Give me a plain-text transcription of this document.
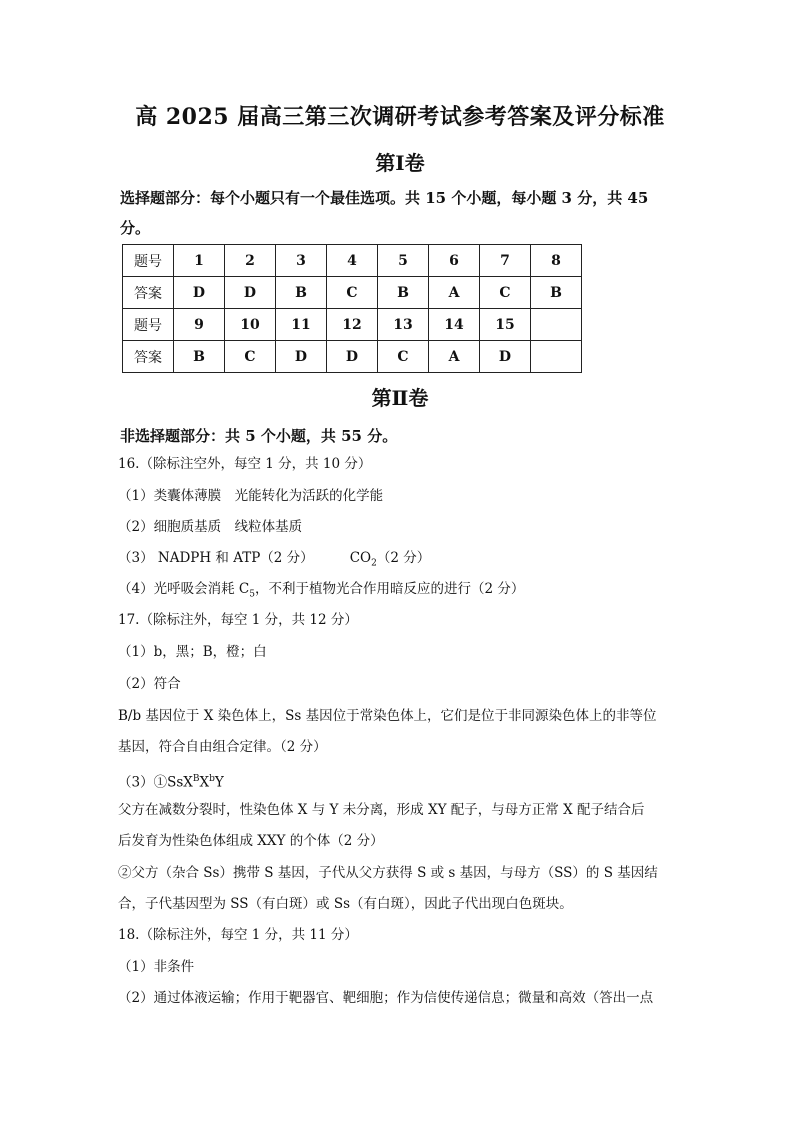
高 2025 届高三第三次调研考试参考答案及评分标准
第Ⅰ卷
选择题部分：每个小题只有一个最佳选项。共 15 个小题，每小题 3 分，共 45
分。
题号	1	2	3	4	5	6	7	8
答案	D	D	B	C	B	A	C	B
题号	9	10	11	12	13	14	15	
答案	B	C	D	D	C	A	D	
第Ⅱ卷
非选择题部分：共 5 个小题，共 55 分。
16.（除标注空外，每空 1 分，共 10 分）
（1）类囊体薄膜　光能转化为活跃的化学能
（2）细胞质基质　线粒体基质
（3） NADPH 和 ATP（2 分）	$CO_2(2$ 分）
（4）光呼吸会消耗 $C_5$，不利于植物光合作用暗反应的进行（2 分）
17.（除标注外，每空 1 分，共 12 分）
（1）b，黑；B，橙；白
（2）符合
B/b 基因位于 X 染色体上，Ss 基因位于常染色体上，它们是位于非同源染色体上的非等位
基因，符合自由组合定律。（2 分）
$(3)①SsX^BX^bY$
父方在减数分裂时，性染色体 X 与 Y 未分离，形成 XY 配子，与母方正常 X 配子结合后
后发育为性染色体组成 XXY 的个体（2 分）
②父方（杂合 Ss）携带 S 基因，子代从父方获得 S 或 s 基因，与母方（SS）的 S 基因结
合，子代基因型为 SS（有白斑）或 Ss（有白斑），因此子代出现白色斑块。
18.（除标注外，每空 1 分，共 11 分）
（1）非条件
（2）通过体液运输；作用于靶器官、靶细胞；作为信使传递信息；微量和高效（答出一点
